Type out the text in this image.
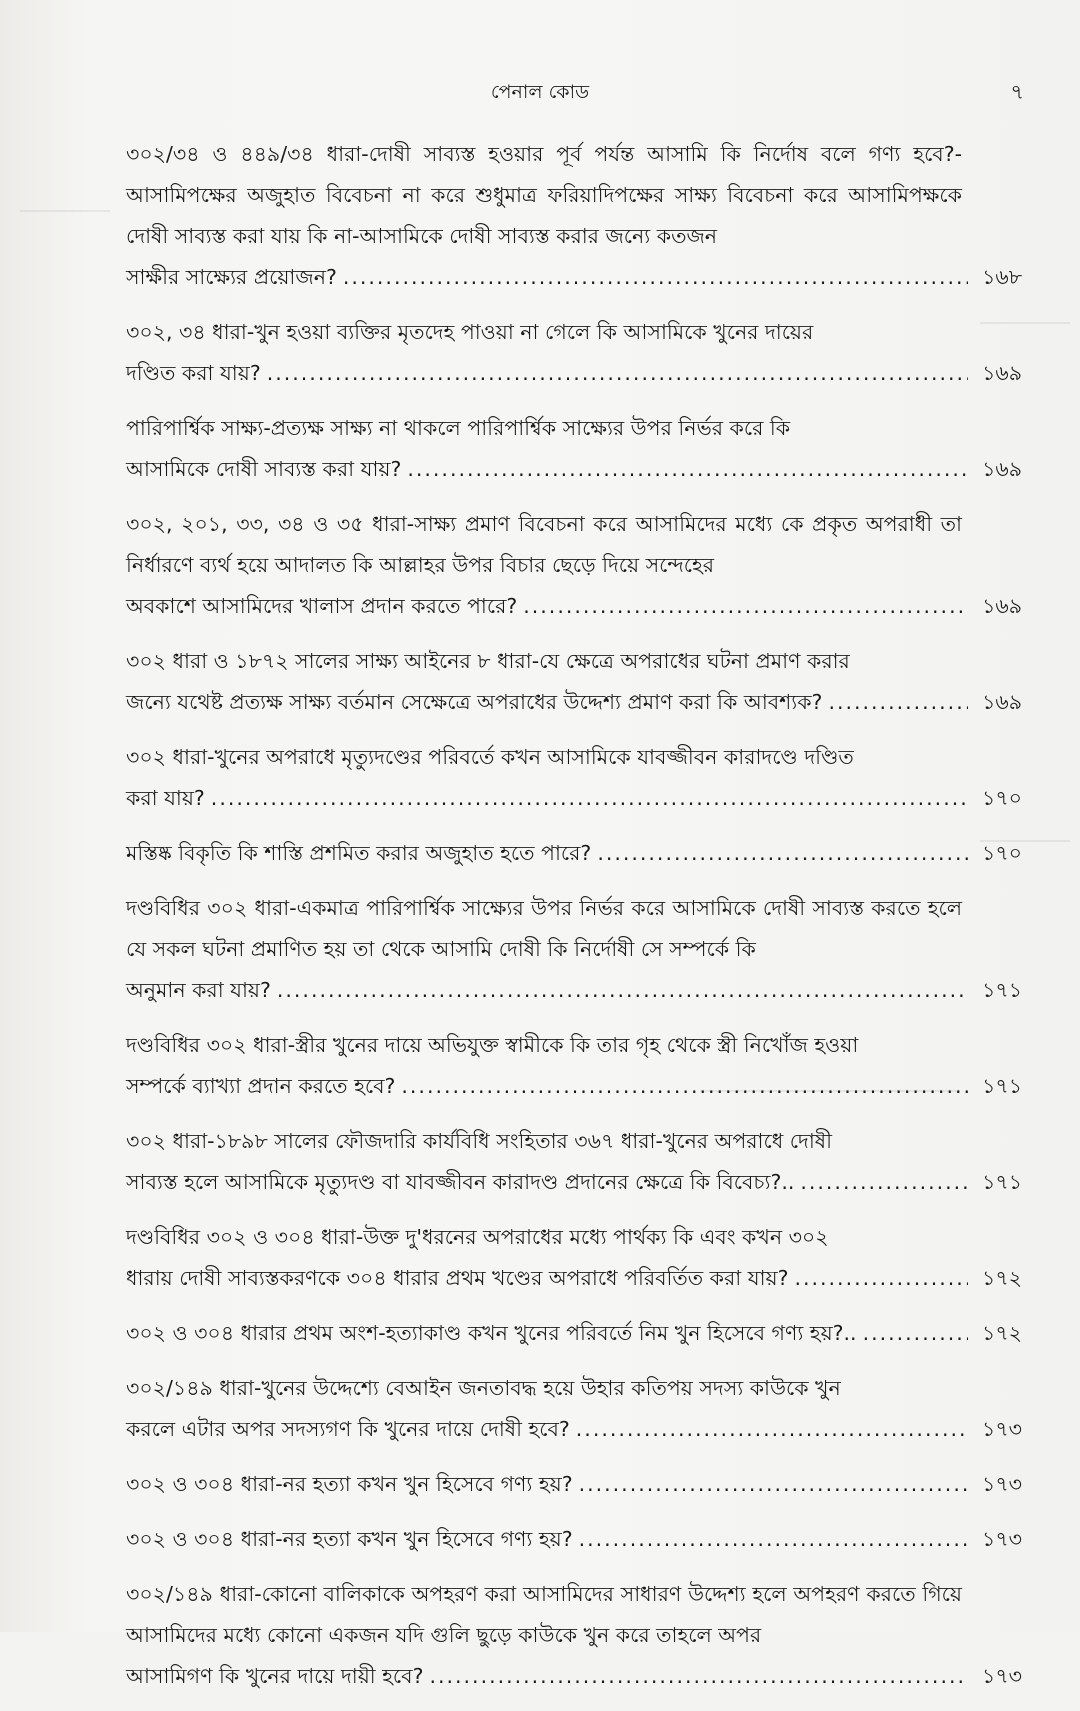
পেনাল কোড	৭
৩০২/৩৪ ও ৪৪৯/৩৪ ধারা-দোষী সাব্যস্ত হওয়ার পূর্ব পর্যন্ত আসামি কি নির্দোষ বলে গণ্য হবে?-আসামিপক্ষের অজুহাত বিবেচনা না করে শুধুমাত্র ফরিয়াদিপক্ষের সাক্ষ্য বিবেচনা করে আসামিপক্ষকে দোষী সাব্যস্ত করা যায় কি না-আসামিকে দোষী সাব্যস্ত করার জন্যে কতজন
সাক্ষীর সাক্ষ্যের প্রয়োজন? .....	১৬৮
৩০২, ৩৪ ধারা-খুন হওয়া ব্যক্তির মৃতদেহ পাওয়া না গেলে কি আসামিকে খুনের দায়ের
দণ্ডিত করা যায়? .....	১৬৯
পারিপার্শ্বিক সাক্ষ্য-প্রত্যক্ষ সাক্ষ্য না থাকলে পারিপার্শ্বিক সাক্ষ্যের উপর নির্ভর করে কি
আসামিকে দোষী সাব্যস্ত করা যায়? .....	১৬৯
৩০২, ২০১, ৩৩, ৩৪ ও ৩৫ ধারা-সাক্ষ্য প্রমাণ বিবেচনা করে আসামিদের মধ্যে কে প্রকৃত অপরাধী তা নির্ধারণে ব্যর্থ হয়ে আদালত কি আল্লাহর উপর বিচার ছেড়ে দিয়ে সন্দেহের
অবকাশে আসামিদের খালাস প্রদান করতে পারে? .....	১৬৯
৩০২ ধারা ও ১৮৭২ সালের সাক্ষ্য আইনের ৮ ধারা-যে ক্ষেত্রে অপরাধের ঘটনা প্রমাণ করার
জন্যে যথেষ্ট প্রত্যক্ষ সাক্ষ্য বর্তমান সেক্ষেত্রে অপরাধের উদ্দেশ্য প্রমাণ করা কি আবশ্যক? .....	১৬৯
৩০২ ধারা-খুনের অপরাধে মৃত্যুদণ্ডের পরিবর্তে কখন আসামিকে যাবজ্জীবন কারাদণ্ডে দণ্ডিত
করা যায়? .....	১৭০
মস্তিষ্ক বিকৃতি কি শাস্তি প্রশমিত করার অজুহাত হতে পারে? .....	১৭০
দণ্ডবিধির ৩০২ ধারা-একমাত্র পারিপার্শ্বিক সাক্ষ্যের উপর নির্ভর করে আসামিকে দোষী সাব্যস্ত করতে হলে যে সকল ঘটনা প্রমাণিত হয় তা থেকে আসামি দোষী কি নির্দোষী সে সম্পর্কে কি
অনুমান করা যায়? .....	১৭১
দণ্ডবিধির ৩০২ ধারা-স্ত্রীর খুনের দায়ে অভিযুক্ত স্বামীকে কি তার গৃহ থেকে স্ত্রী নিখোঁজ হওয়া
সম্পর্কে ব্যাখ্যা প্রদান করতে হবে? .....	১৭১
৩০২ ধারা-১৮৯৮ সালের ফৌজদারি কার্যবিধি সংহিতার ৩৬৭ ধারা-খুনের অপরাধে দোষী
সাব্যস্ত হলে আসামিকে মৃত্যুদণ্ড বা যাবজ্জীবন কারাদণ্ড প্রদানের ক্ষেত্রে কি বিবেচ্য?.. .....	১৭১
দণ্ডবিধির ৩০২ ও ৩০৪ ধারা-উক্ত দু'ধরনের অপরাধের মধ্যে পার্থক্য কি এবং কখন ৩০২
ধারায় দোষী সাব্যস্তকরণকে ৩০৪ ধারার প্রথম খণ্ডের অপরাধে পরিবর্তিত করা যায়? .....	১৭২
৩০২ ও ৩০৪ ধারার প্রথম অংশ-হত্যাকাণ্ড কখন খুনের পরিবর্তে নিম খুন হিসেবে গণ্য হয়?.. .....	১৭২
৩০২/১৪৯ ধারা-খুনের উদ্দেশ্যে বেআইন জনতাবদ্ধ হয়ে উহার কতিপয় সদস্য কাউকে খুন
করলে এটার অপর সদস্যগণ কি খুনের দায়ে দোষী হবে? .....	১৭৩
৩০২ ও ৩০৪ ধারা-নর হত্যা কখন খুন হিসেবে গণ্য হয়? .....	১৭৩
৩০২ ও ৩০৪ ধারা-নর হত্যা কখন খুন হিসেবে গণ্য হয়? .....	১৭৩
৩০২/১৪৯ ধারা-কোনো বালিকাকে অপহরণ করা আসামিদের সাধারণ উদ্দেশ্য হলে অপহরণ করতে গিয়ে আসামিদের মধ্যে কোনো একজন যদি গুলি ছুড়ে কাউকে খুন করে তাহলে অপর
আসামিগণ কি খুনের দায়ে দায়ী হবে? .....	১৭৩
